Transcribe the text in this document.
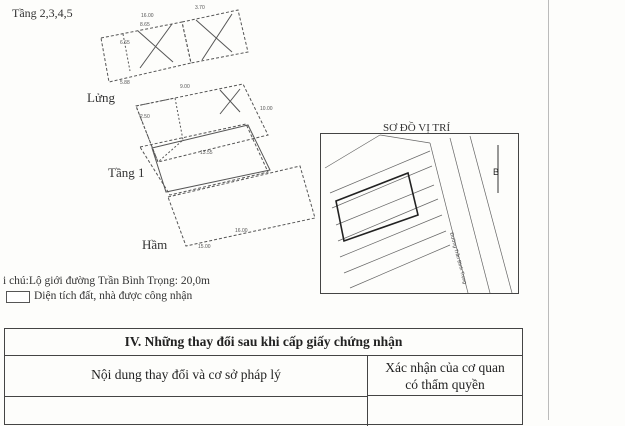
16.00
8.65
3.70
5.88
9.00
2.50
10.00
13.55
16.00
15.00
6.65
Tầng 2,3,4,5
Lửng
Tầng 1
Hầm
SƠ ĐỒ VỊ TRÍ
Đường Trần Bình Trọng
B
i chú:Lộ giới đường Trần Bình Trọng: 20,0m
Diện tích đất, nhà được công nhận
IV. Những thay đổi sau khi cấp giấy chứng nhận
Nội dung thay đổi và cơ sở pháp lý	Xác nhận của cơ quan
có thẩm quyền
